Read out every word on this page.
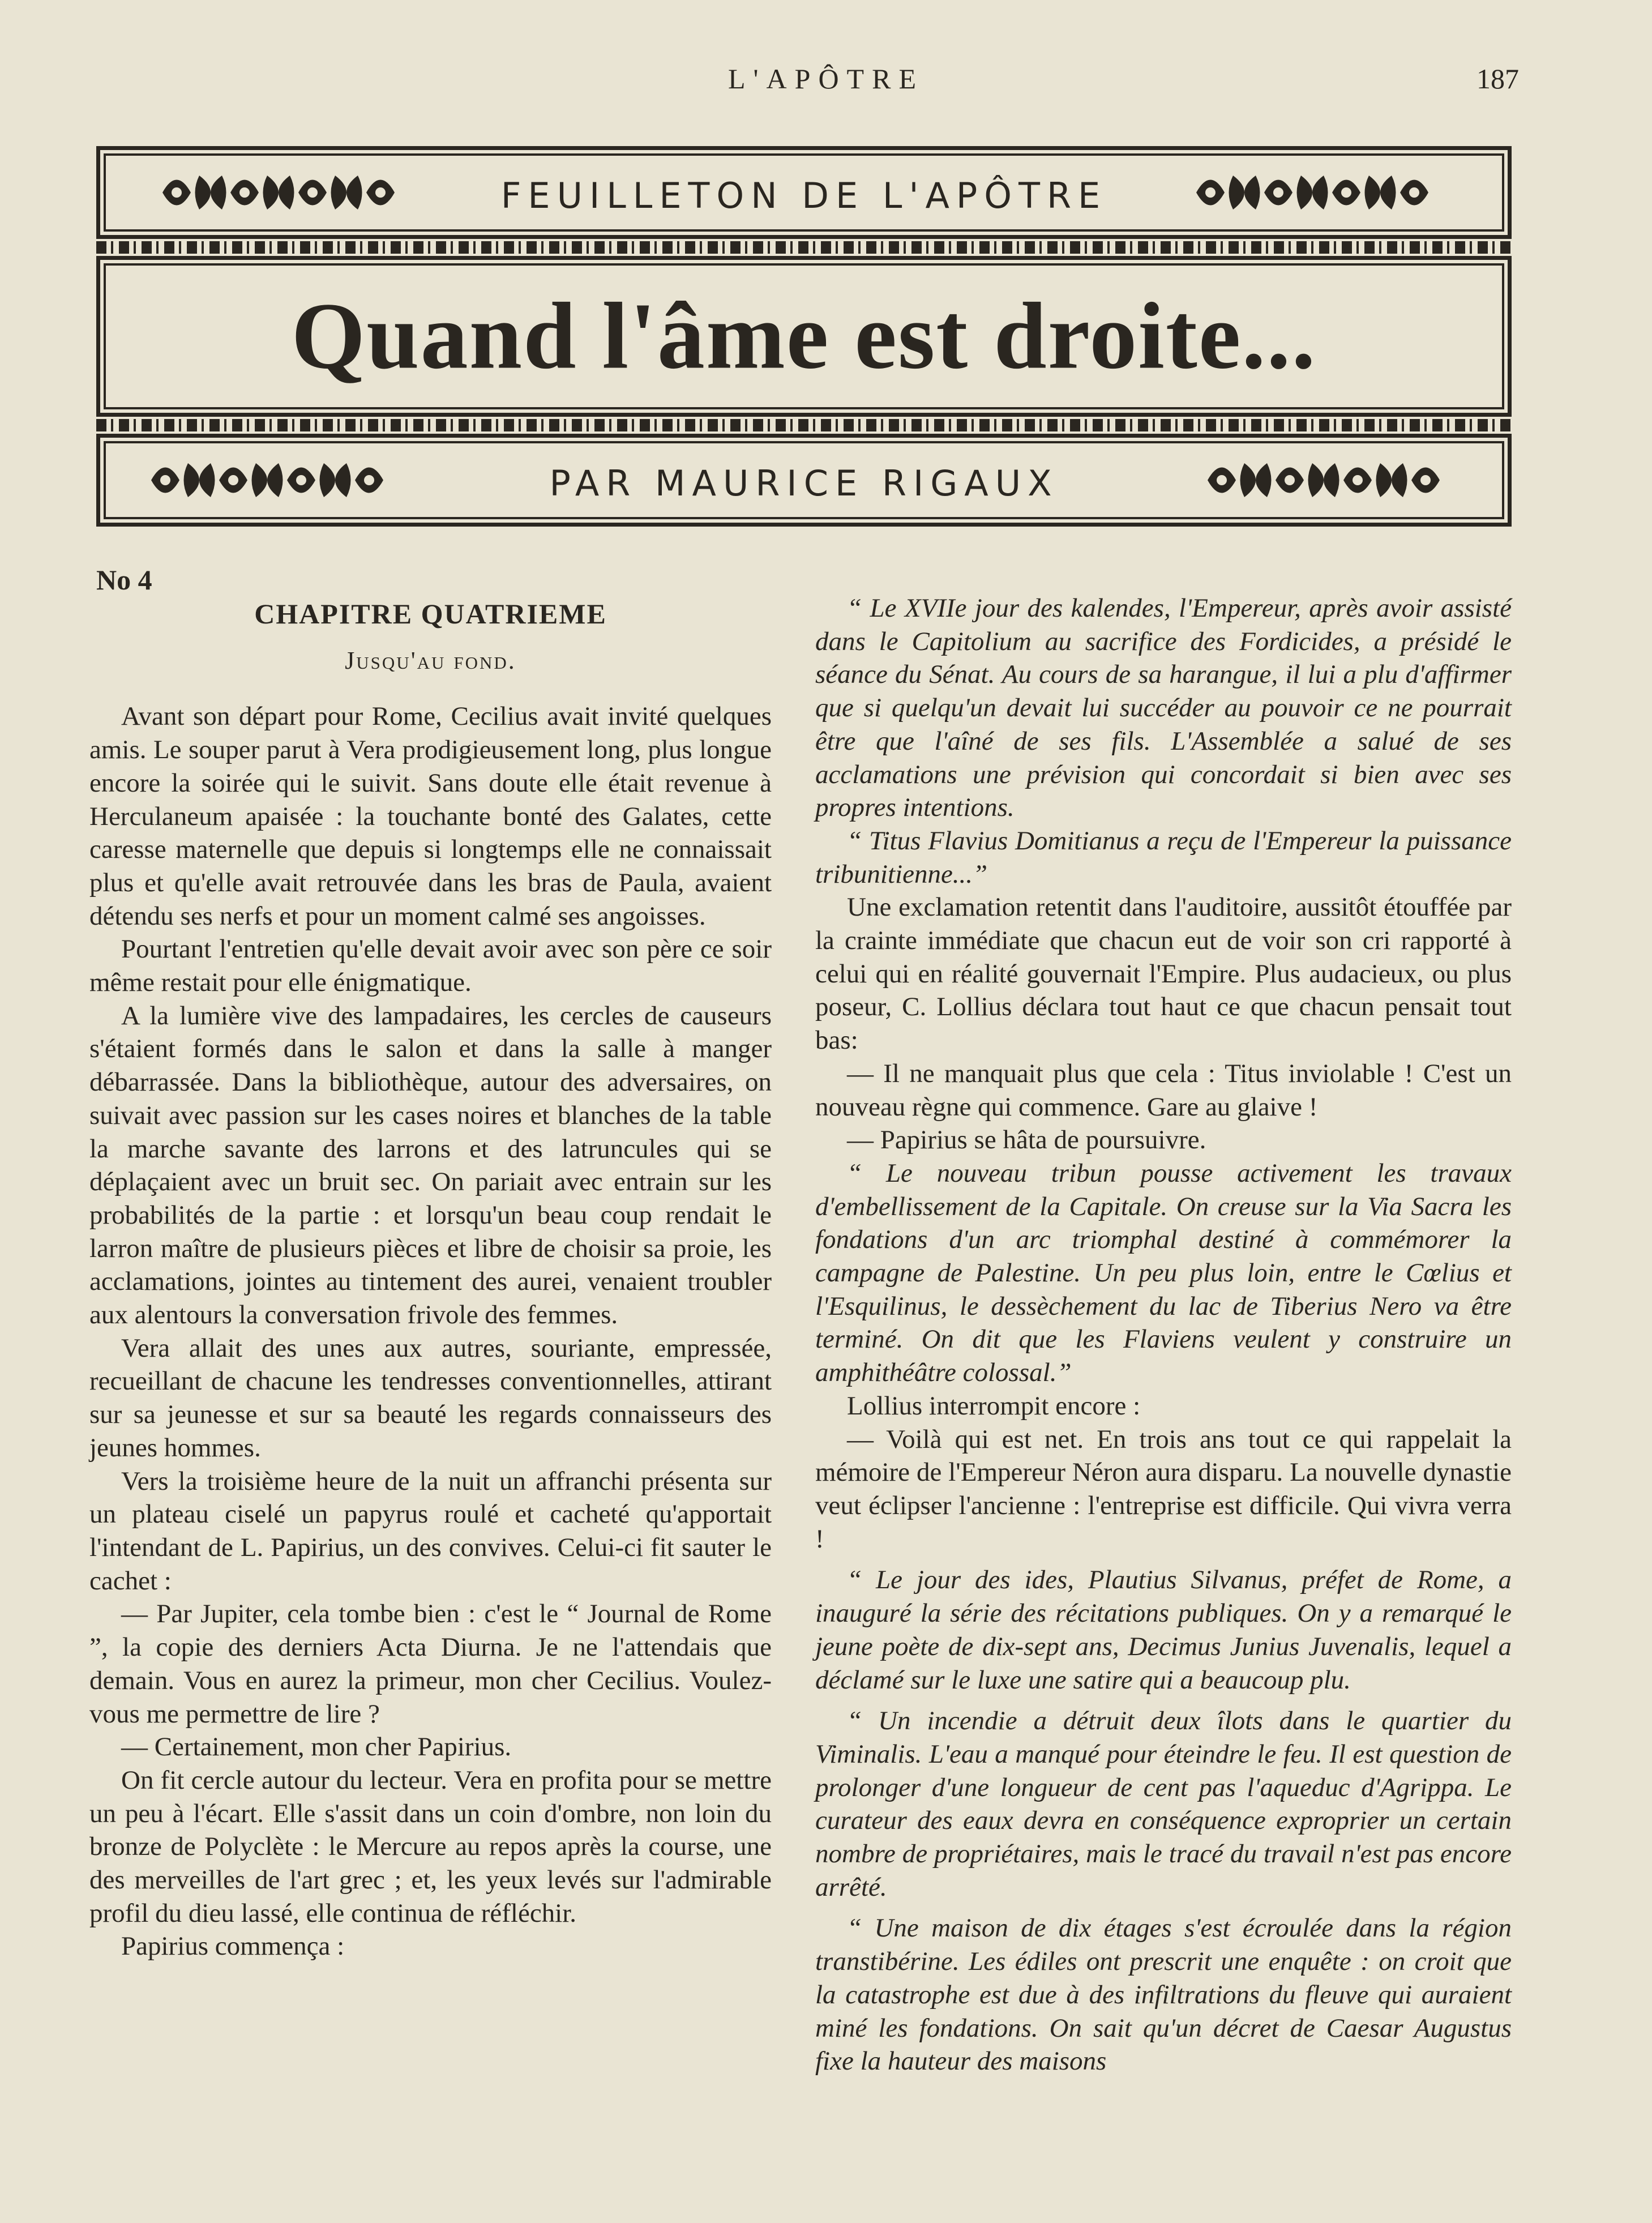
L'APÔTRE	187
FEUILLETON DE L'APÔTRE
Quand l'âme est droite...
PAR MAURICE RIGAUX
No 4
CHAPITRE QUATRIEME
Jusqu'au fond.

Avant son départ pour Rome, Cecilius avait invité quelques amis. Le souper parut à Vera prodigieusement long, plus longue encore la soirée qui le suivit. Sans doute elle était revenue à Herculaneum apaisée : la touchante bonté des Galates, cette caresse maternelle que depuis si longtemps elle ne connaissait plus et qu'elle avait retrouvée dans les bras de Paula, avaient détendu ses nerfs et pour un moment calmé ses angoisses.

Pourtant l'entretien qu'elle devait avoir avec son père ce soir même restait pour elle énigmatique.

A la lumière vive des lampadaires, les cercles de causeurs s'étaient formés dans le salon et dans la salle à manger débarrassée. Dans la bibliothèque, autour des adversaires, on suivait avec passion sur les cases noires et blanches de la table la marche savante des larrons et des latruncules qui se déplaçaient avec un bruit sec. On pariait avec entrain sur les probabilités de la partie : et lorsqu'un beau coup rendait le larron maître de plusieurs pièces et libre de choisir sa proie, les acclamations, jointes au tintement des aurei, venaient troubler aux alentours la conversation frivole des femmes.

Vera allait des unes aux autres, souriante, empressée, recueillant de chacune les tendresses conventionnelles, attirant sur sa jeunesse et sur sa beauté les regards connaisseurs des jeunes hommes.

Vers la troisième heure de la nuit un affranchi présenta sur un plateau ciselé un papyrus roulé et cacheté qu'apportait l'intendant de L. Papirius, un des convives. Celui-ci fit sauter le cachet :

— Par Jupiter, cela tombe bien : c'est le “ Journal de Rome ”, la copie des derniers Acta Diurna. Je ne l'attendais que demain. Vous en aurez la primeur, mon cher Cecilius. Voulez-vous me permettre de lire ?

— Certainement, mon cher Papirius.

On fit cercle autour du lecteur. Vera en profita pour se mettre un peu à l'écart. Elle s'assit dans un coin d'ombre, non loin du bronze de Polyclète : le Mercure au repos après la course, une des merveilles de l'art grec ; et, les yeux levés sur l'admirable profil du dieu lassé, elle continua de réfléchir.

Papirius commença :

“ Le XVIIe jour des kalendes, l'Empereur, après avoir assisté dans le Capitolium au sacrifice des Fordicides, a présidé le séance du Sénat. Au cours de sa harangue, il lui a plu d'affirmer que si quelqu'un devait lui succéder au pouvoir ce ne pourrait être que l'aîné de ses fils. L'Assemblée a salué de ses acclamations une prévision qui concordait si bien avec ses propres intentions.

“ Titus Flavius Domitianus a reçu de l'Empereur la puissance tribunitienne...”

Une exclamation retentit dans l'auditoire, aussitôt étouffée par la crainte immédiate que chacun eut de voir son cri rapporté à celui qui en réalité gouvernait l'Empire. Plus audacieux, ou plus poseur, C. Lollius déclara tout haut ce que chacun pensait tout bas:

— Il ne manquait plus que cela : Titus inviolable ! C'est un nouveau règne qui commence. Gare au glaive !

— Papirius se hâta de poursuivre.

“ Le nouveau tribun pousse activement les travaux d'embellissement de la Capitale. On creuse sur la Via Sacra les fondations d'un arc triomphal destiné à commémorer la campagne de Palestine. Un peu plus loin, entre le Cœlius et l'Esquilinus, le dessèchement du lac de Tiberius Nero va être terminé. On dit que les Flaviens veulent y construire un amphithéâtre colossal.”

Lollius interrompit encore :

— Voilà qui est net. En trois ans tout ce qui rappelait la mémoire de l'Empereur Néron aura disparu. La nouvelle dynastie veut éclipser l'ancienne : l'entreprise est difficile. Qui vivra verra !

“ Le jour des ides, Plautius Silvanus, préfet de Rome, a inauguré la série des récitations publiques. On y a remarqué le jeune poète de dix-sept ans, Decimus Junius Juvenalis, lequel a déclamé sur le luxe une satire qui a beaucoup plu.

“ Un incendie a détruit deux îlots dans le quartier du Viminalis. L'eau a manqué pour éteindre le feu. Il est question de prolonger d'une longueur de cent pas l'aqueduc d'Agrippa. Le curateur des eaux devra en conséquence exproprier un certain nombre de propriétaires, mais le tracé du travail n'est pas encore arrêté.

“ Une maison de dix étages s'est écroulée dans la région transtibérine. Les édiles ont prescrit une enquête : on croit que la catastrophe est due à des infiltrations du fleuve qui auraient miné les fondations. On sait qu'un décret de Caesar Augustus fixe la hauteur des maisons
